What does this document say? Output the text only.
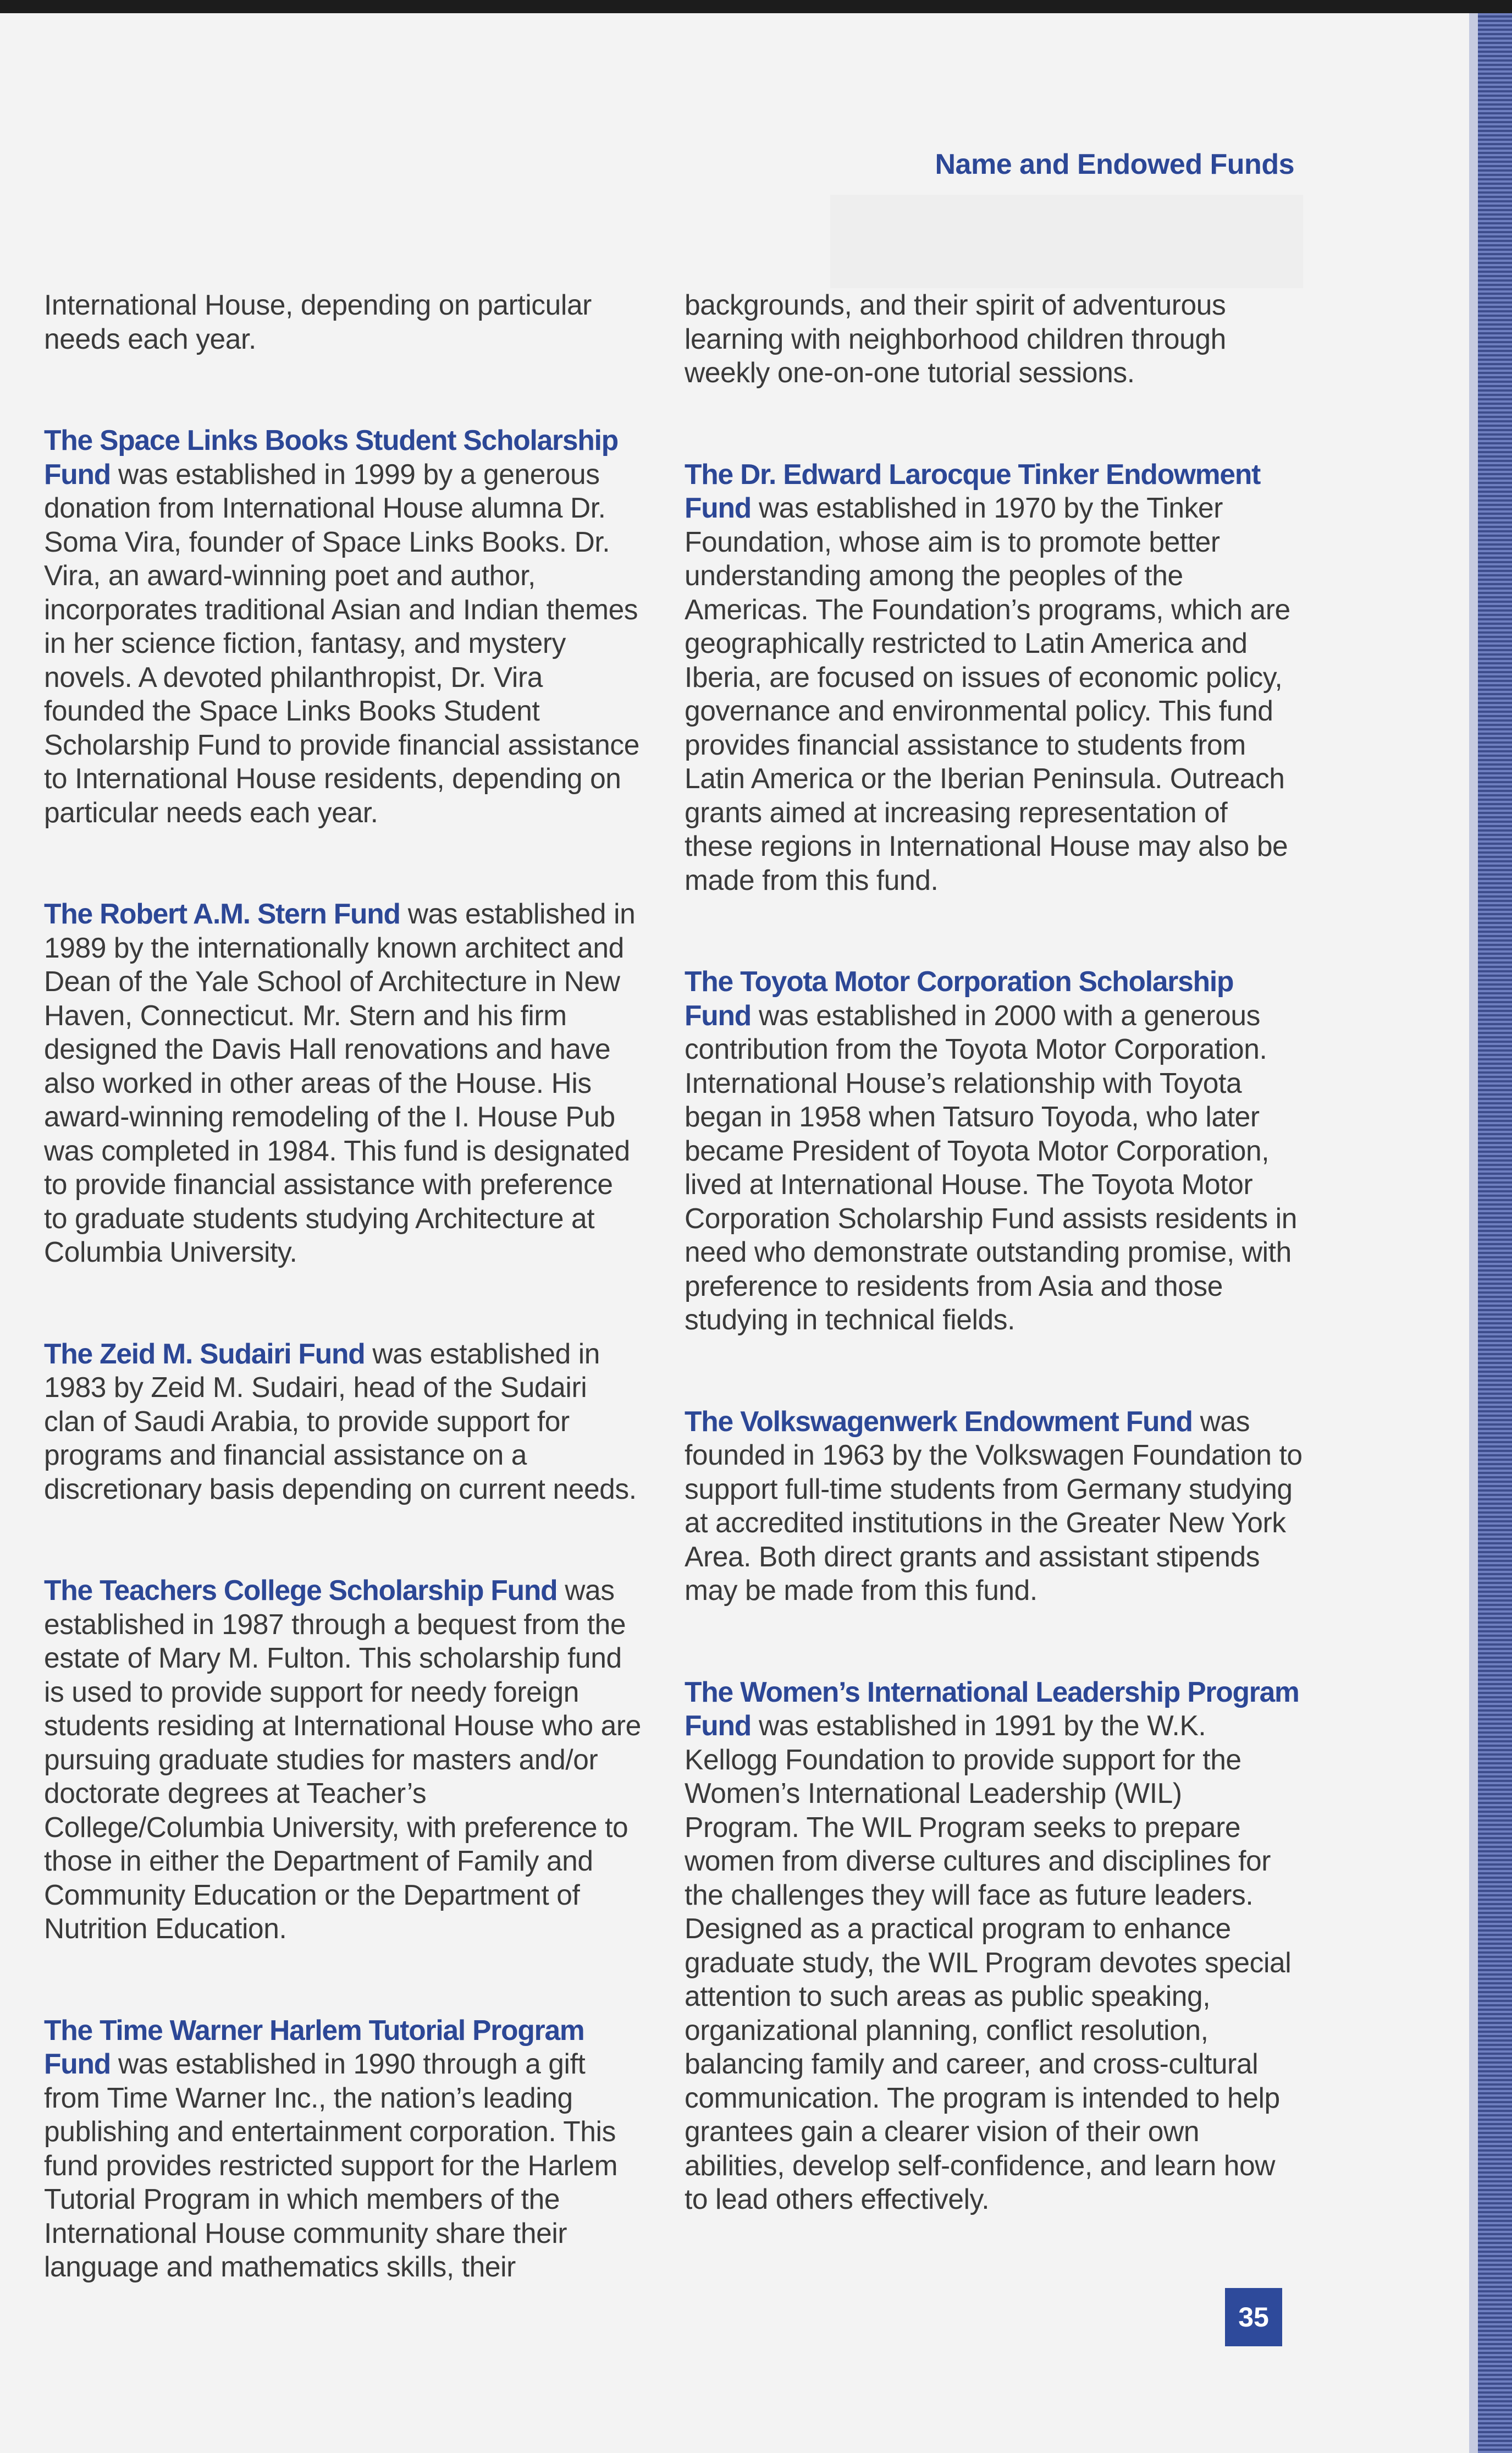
Name and Endowed Funds

International House, depending on particular needs each year.

The Space Links Books Student Scholarship Fund was established in 1999 by a generous donation from International House alumna Dr. Soma Vira, founder of Space Links Books. Dr. Vira, an award-winning poet and author, incorporates traditional Asian and Indian themes in her science fiction, fantasy, and mystery novels. A devoted philanthropist, Dr. Vira founded the Space Links Books Student Scholarship Fund to provide financial assistance to International House residents, depending on particular needs each year.

The Robert A.M. Stern Fund was established in 1989 by the internationally known architect and Dean of the Yale School of Architecture in New Haven, Connecticut. Mr. Stern and his firm designed the Davis Hall renovations and have also worked in other areas of the House. His award-winning remodeling of the I. House Pub was completed in 1984. This fund is designated to provide financial assistance with preference to graduate students studying Architecture at Columbia University.

The Zeid M. Sudairi Fund was established in 1983 by Zeid M. Sudairi, head of the Sudairi clan of Saudi Arabia, to provide support for programs and financial assistance on a discretionary basis depending on current needs.

The Teachers College Scholarship Fund was established in 1987 through a bequest from the estate of Mary M. Fulton. This scholarship fund is used to provide support for needy foreign students residing at International House who are pursuing graduate studies for masters and/or doctorate degrees at Teacher’s College/Columbia University, with preference to those in either the Department of Family and Community Education or the Department of Nutrition Education.

The Time Warner Harlem Tutorial Program Fund was established in 1990 through a gift from Time Warner Inc., the nation’s leading publishing and entertainment corporation. This fund provides restricted support for the Harlem Tutorial Program in which members of the International House community share their language and mathematics skills, their

backgrounds, and their spirit of adventurous learning with neighborhood children through weekly one-on-one tutorial sessions.

The Dr. Edward Larocque Tinker Endowment Fund was established in 1970 by the Tinker Foundation, whose aim is to promote better understanding among the peoples of the Americas. The Foundation’s programs, which are geographically restricted to Latin America and Iberia, are focused on issues of economic policy, governance and environmental policy. This fund provides financial assistance to students from Latin America or the Iberian Peninsula. Outreach grants aimed at increasing representation of these regions in International House may also be made from this fund.

The Toyota Motor Corporation Scholarship Fund was established in 2000 with a generous contribution from the Toyota Motor Corporation. International House’s relationship with Toyota began in 1958 when Tatsuro Toyoda, who later became President of Toyota Motor Corporation, lived at International House. The Toyota Motor Corporation Scholarship Fund assists residents in need who demonstrate outstanding promise, with preference to residents from Asia and those studying in technical fields.

The Volkswagenwerk Endowment Fund was founded in 1963 by the Volkswagen Foundation to support full-time students from Germany studying at accredited institutions in the Greater New York Area. Both direct grants and assistant stipends may be made from this fund.

The Women’s International Leadership Program Fund was established in 1991 by the W.K. Kellogg Foundation to provide support for the Women’s International Leadership (WIL) Program. The WIL Program seeks to prepare women from diverse cultures and disciplines for the challenges they will face as future leaders. Designed as a practical program to enhance graduate study, the WIL Program devotes special attention to such areas as public speaking, organizational planning, conflict resolution, balancing family and career, and cross-cultural communication. The program is intended to help grantees gain a clearer vision of their own abilities, develop self-confidence, and learn how to lead others effectively.

35
